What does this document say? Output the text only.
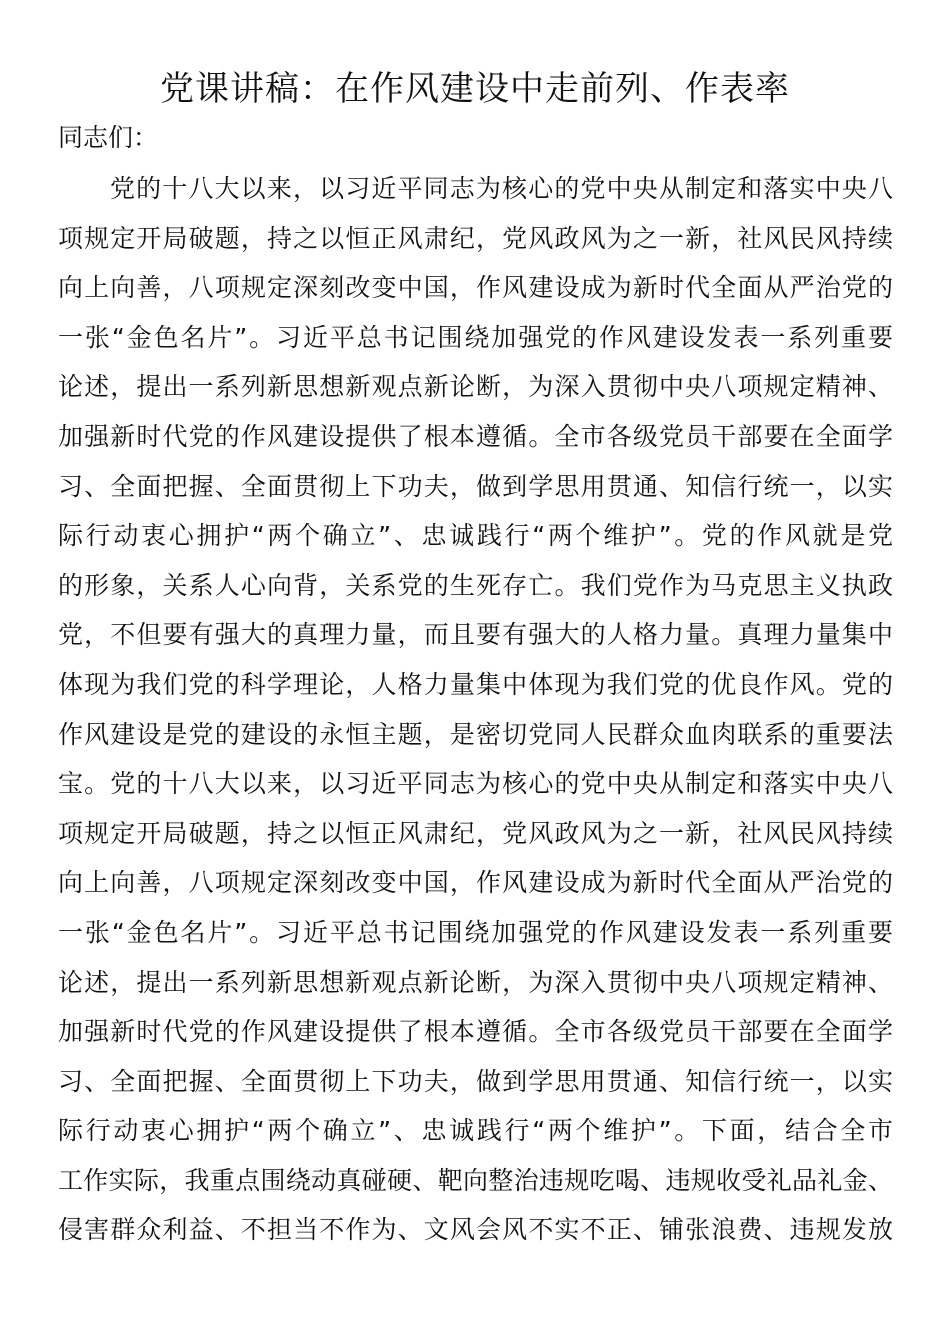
党课讲稿：在作风建设中走前列、作表率

同志们：

党的十八大以来，以习近平同志为核心的党中央从制定和落实中央八
项规定开局破题，持之以恒正风肃纪，党风政风为之一新，社风民风持续
向上向善，八项规定深刻改变中国，作风建设成为新时代全面从严治党的
一张“金色名片”。习近平总书记围绕加强党的作风建设发表一系列重要
论述，提出一系列新思想新观点新论断，为深入贯彻中央八项规定精神、
加强新时代党的作风建设提供了根本遵循。全市各级党员干部要在全面学
习、全面把握、全面贯彻上下功夫，做到学思用贯通、知信行统一，以实
际行动衷心拥护“两个确立”、忠诚践行“两个维护”。党的作风就是党
的形象，关系人心向背，关系党的生死存亡。我们党作为马克思主义执政
党，不但要有强大的真理力量，而且要有强大的人格力量。真理力量集中
体现为我们党的科学理论，人格力量集中体现为我们党的优良作风。党的
作风建设是党的建设的永恒主题，是密切党同人民群众血肉联系的重要法
宝。党的十八大以来，以习近平同志为核心的党中央从制定和落实中央八
项规定开局破题，持之以恒正风肃纪，党风政风为之一新，社风民风持续
向上向善，八项规定深刻改变中国，作风建设成为新时代全面从严治党的
一张“金色名片”。习近平总书记围绕加强党的作风建设发表一系列重要
论述，提出一系列新思想新观点新论断，为深入贯彻中央八项规定精神、
加强新时代党的作风建设提供了根本遵循。全市各级党员干部要在全面学
习、全面把握、全面贯彻上下功夫，做到学思用贯通、知信行统一，以实
际行动衷心拥护“两个确立”、忠诚践行“两个维护”。下面，结合全市
工作实际，我重点围绕动真碰硬、靶向整治违规吃喝、违规收受礼品礼金、
侵害群众利益、不担当不作为、文风会风不实不正、铺张浪费、违规发放
